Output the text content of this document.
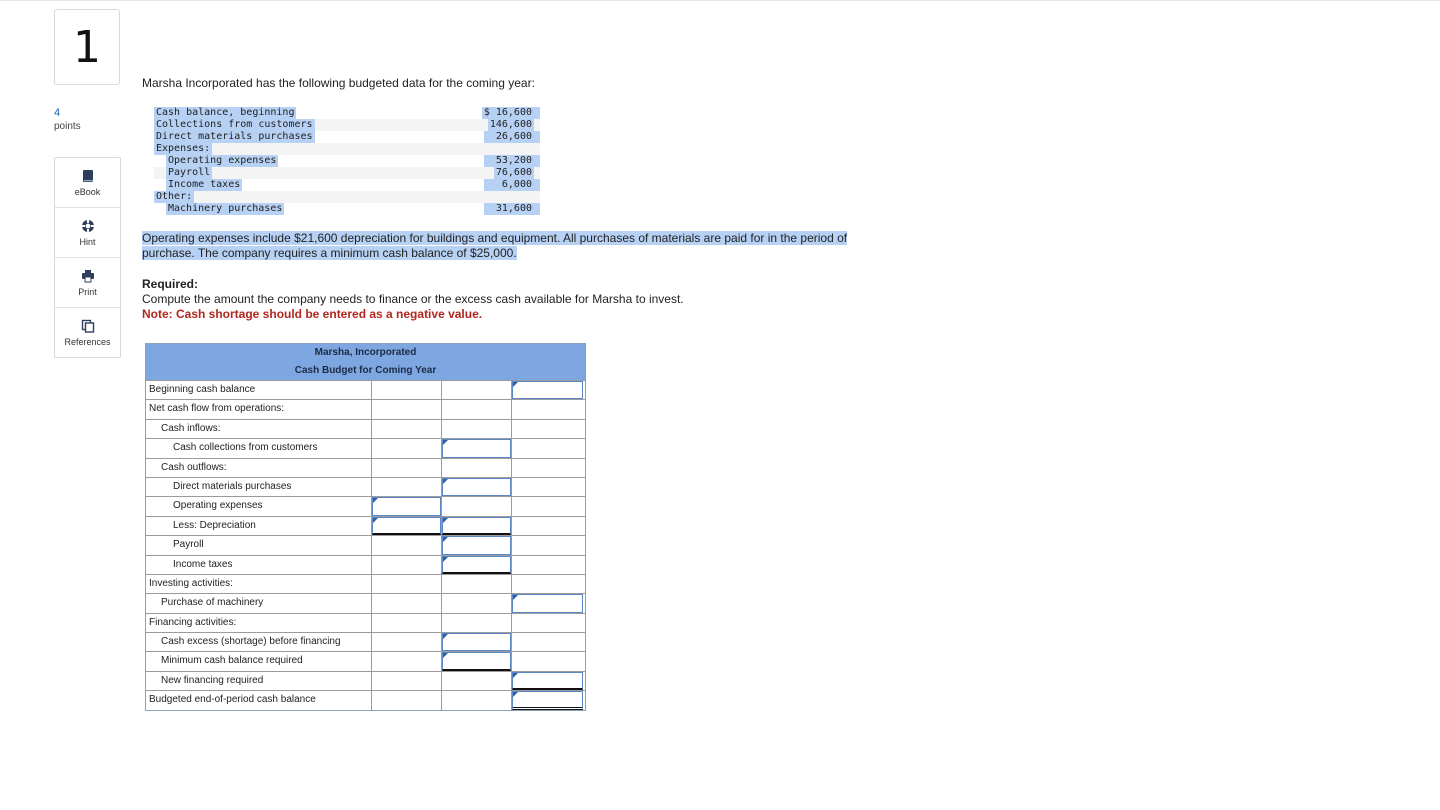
1
4
points
eBook
Hint
Print
References
Marsha Incorporated has the following budgeted data for the coming year:
Cash balance, beginning	$ 16,600
Collections from customers	146,600
Direct materials purchases	26,600
Expenses:
Operating expenses	53,200
Payroll	76,600
Income taxes	6,000
Other:
Machinery purchases	31,600
Operating expenses include $21,600 depreciation for buildings and equipment. All purchases of materials are paid for in the period of
purchase. The company requires a minimum cash balance of $25,000.
Required:
Compute the amount the company needs to finance or the excess cash available for Marsha to invest.
Note: Cash shortage should be entered as a negative value.
Marsha, Incorporated
Cash Budget for Coming Year
Beginning cash balance
Net cash flow from operations:
Cash inflows:
Cash collections from customers
Cash outflows:
Direct materials purchases
Operating expenses
Less: Depreciation
Payroll
Income taxes
Investing activities:
Purchase of machinery
Financing activities:
Cash excess (shortage) before financing
Minimum cash balance required
New financing required
Budgeted end-of-period cash balance
